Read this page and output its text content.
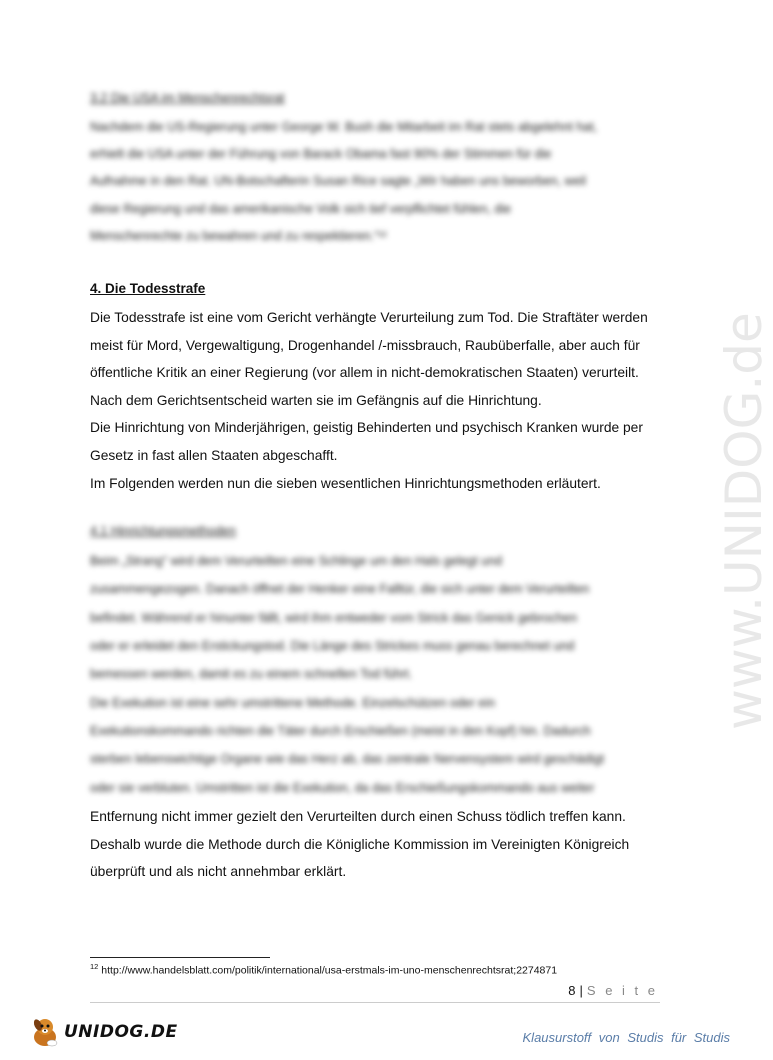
www.UNIDOG.de
3.2 Die USA im Menschenrechtsrat

Nachdem die US-Regierung unter George W. Bush die Mitarbeit im Rat stets abgelehnt hat,

erhielt die USA unter der Führung von Barack Obama fast 90% der Stimmen für die

Aufnahme in den Rat. UN-Botschafterin Susan Rice sagte „Wir haben uns beworben, weil

diese Regierung und das amerikanische Volk sich tief verpflichtet fühlen, die

Menschenrechte zu bewahren und zu respektieren.“¹²

4. Die Todesstrafe

Die Todesstrafe ist eine vom Gericht verhängte Verurteilung zum Tod. Die Straftäter werden

meist für Mord, Vergewaltigung, Drogenhandel /-missbrauch, Raubüberfalle, aber auch für

öffentliche Kritik an einer Regierung (vor allem in nicht-demokratischen Staaten) verurteilt.

Nach dem Gerichtsentscheid warten sie im Gefängnis auf die Hinrichtung.

Die Hinrichtung von Minderjährigen, geistig Behinderten und psychisch Kranken wurde per

Gesetz in fast allen Staaten abgeschafft.

Im Folgenden werden nun die sieben wesentlichen Hinrichtungsmethoden erläutert.

4.1 Hinrichtungsmethoden

Beim „Strang“ wird dem Verurteilten eine Schlinge um den Hals gelegt und

zusammengezogen. Danach öffnet der Henker eine Falltür, die sich unter dem Verurteilten

befindet. Während er hinunter fällt, wird ihm entweder vom Strick das Genick gebrochen

oder er erleidet den Erstickungstod. Die Länge des Strickes muss genau berechnet und

bemessen werden, damit es zu einem schnellen Tod führt.

Die Exekution ist eine sehr umstrittene Methode. Einzelschützen oder ein

Exekutionskommando richten die Täter durch Erschießen (meist in den Kopf) hin. Dadurch

sterben lebenswichtige Organe wie das Herz ab, das zentrale Nervensystem wird geschädigt

oder sie verbluten. Umstritten ist die Exekution, da das Erschießungskommando aus weiter

Entfernung nicht immer gezielt den Verurteilten durch einen Schuss tödlich treffen kann.

Deshalb wurde die Methode durch die Königliche Kommission im Vereinigten Königreich

überprüft und als nicht annehmbar erklärt.

$^{12}$ http://www.handelsblatt.com/politik/international/usa-erstmals-im-uno-menschenrechtsrat;2274871
8 | S e i t e
UNIDOG.DE	Klausurstoff von Studis für Studis
